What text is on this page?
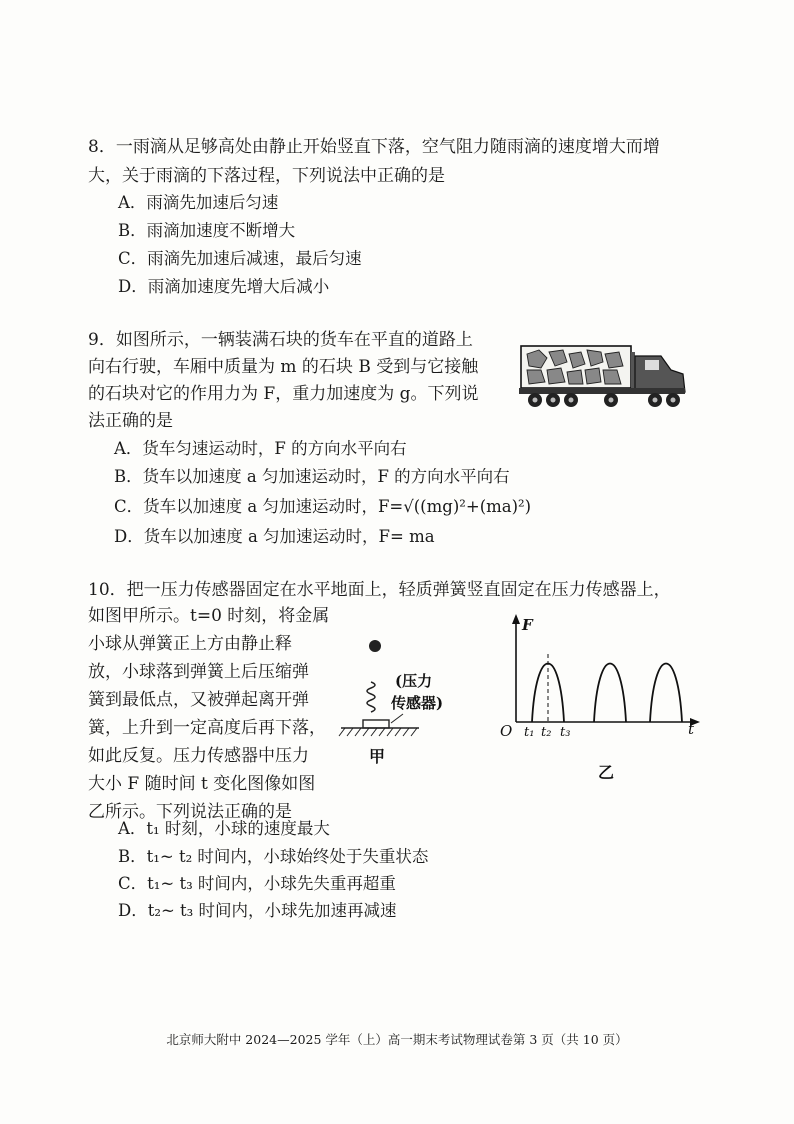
8．一雨滴从足够高处由静止开始竖直下落，空气阻力随雨滴的速度增大而增
大，关于雨滴的下落过程，下列说法中正确的是
A．雨滴先加速后匀速
B．雨滴加速度不断增大
C．雨滴先加速后减速，最后匀速
D．雨滴加速度先增大后减小
9．如图所示，一辆装满石块的货车在平直的道路上
向右行驶，车厢中质量为 m 的石块 B 受到与它接触
的石块对它的作用力为 F，重力加速度为 g。下列说
法正确的是
A．货车匀速运动时，F 的方向水平向右
B．货车以加速度 a 匀加速运动时，F 的方向水平向右
C．货车以加速度 a 匀加速运动时，F=√((mg)²+(ma)²)
D．货车以加速度 a 匀加速运动时，F= ma
10．把一压力传感器固定在水平地面上，轻质弹簧竖直固定在压力传感器上，
如图甲所示。t=0 时刻，将金属
小球从弹簧正上方由静止释
放，小球落到弹簧上后压缩弹
簧到最低点，又被弹起离开弹
簧，上升到一定高度后再下落，
如此反复。压力传感器中压力
大小 F 随时间 t 变化图像如图
乙所示。下列说法正确的是
(压力
传感器)
甲
F
t
O t₁ t₂ t₃
乙
A．t₁ 时刻，小球的速度最大
B．t₁~ t₂ 时间内，小球始终处于失重状态
C．t₁~ t₃ 时间内，小球先失重再超重
D．t₂~ t₃ 时间内，小球先加速再减速
北京师大附中 2024—2025 学年（上）高一期末考试物理试卷第 3 页（共 10 页）
